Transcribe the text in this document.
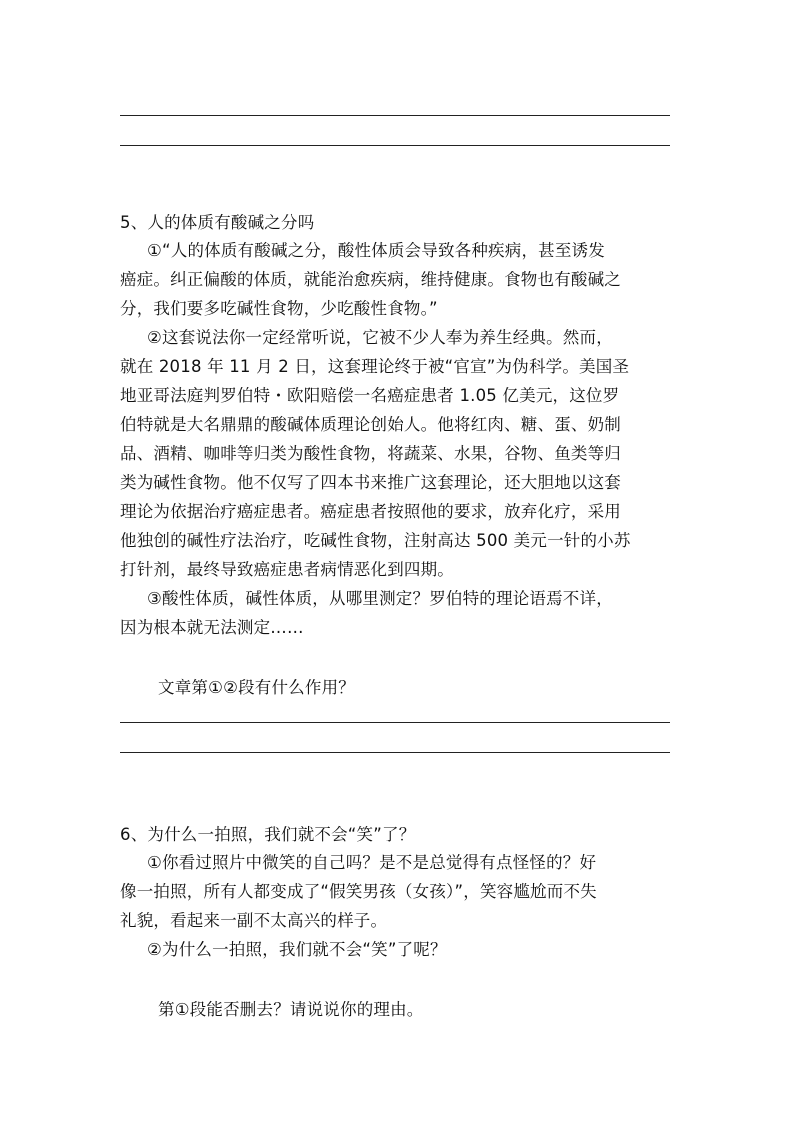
5、人的体质有酸碱之分吗
①“人的体质有酸碱之分，酸性体质会导致各种疾病，甚至诱发
癌症。纠正偏酸的体质，就能治愈疾病，维持健康。食物也有酸碱之
分，我们要多吃碱性食物，少吃酸性食物。”
②这套说法你一定经常听说，它被不少人奉为养生经典。然而，
就在 2018 年 11 月 2 日，这套理论终于被“官宣”为伪科学。美国圣
地亚哥法庭判罗伯特・欧阳赔偿一名癌症患者 1.05 亿美元，这位罗
伯特就是大名鼎鼎的酸碱体质理论创始人。他将红肉、糖、蛋、奶制
品、酒精、咖啡等归类为酸性食物，将蔬菜、水果，谷物、鱼类等归
类为碱性食物。他不仅写了四本书来推广这套理论，还大胆地以这套
理论为依据治疗癌症患者。癌症患者按照他的要求，放弃化疗，采用
他独创的碱性疗法治疗，吃碱性食物，注射高达 500 美元一针的小苏
打针剂，最终导致癌症患者病情恶化到四期。
③酸性体质，碱性体质，从哪里测定？罗伯特的理论语焉不详，
因为根本就无法测定……
文章第①②段有什么作用？
6、为什么一拍照，我们就不会“笑”了？
①你看过照片中微笑的自己吗？是不是总觉得有点怪怪的？好
像一拍照，所有人都变成了“假笑男孩（女孩）”，笑容尴尬而不失
礼貌，看起来一副不太高兴的样子。
②为什么一拍照，我们就不会“笑”了呢？
第①段能否删去？请说说你的理由。
